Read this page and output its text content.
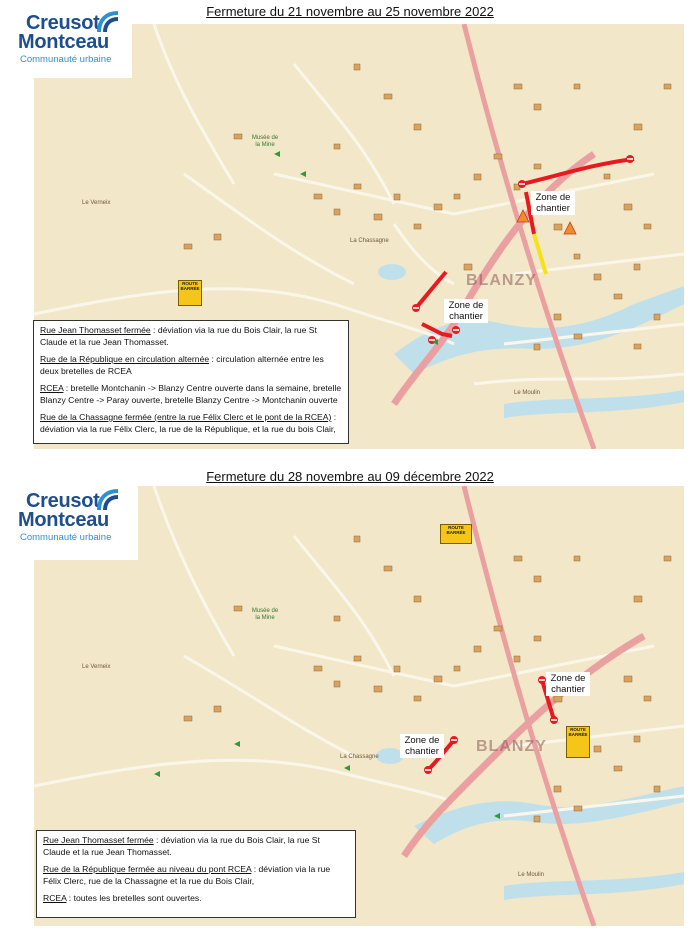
Fermeture du 21 novembre au 25 novembre 2022
Creusot
Montceau
Communauté urbaine
Zone de chantier
Zone de chantier
ROUTE BARRÉE
Musée de la Mine
Le Verneix
La Chassagne
BLANZY
Le Moulin

Rue Jean Thomasset fermée : déviation via la rue du Bois Clair, la rue St Claude et la rue Jean Thomasset.

Rue de la République en circulation alternée : circulation alternée entre les deux bretelles de RCEA

RCEA : bretelle Montchanin -> Blanzy Centre ouverte dans la semaine, bretelle Blanzy Centre -> Paray ouverte, bretelle Blanzy Centre -> Montchanin ouverte

Rue de la Chassagne fermée (entre la rue Félix Clerc et le pont de la RCEA) : déviation via la rue Félix Clerc, la rue de la République, et la rue du bois Clair,

Fermeture du 28 novembre au 09 décembre 2022
Creusot
Montceau
Communauté urbaine
Zone de chantier
Zone de chantier
ROUTE BARRÉE
ROUTE BARRÉE
Musée de la Mine
Le Verneix
La Chassagne
BLANZY
Le Moulin

Rue Jean Thomasset fermée : déviation via la rue du Bois Clair, la rue St Claude et la rue Jean Thomasset.

Rue de la République fermée au niveau du pont RCEA : déviation via la rue Félix Clerc, rue de la Chassagne et la rue du Bois Clair,

RCEA : toutes les bretelles sont ouvertes.
